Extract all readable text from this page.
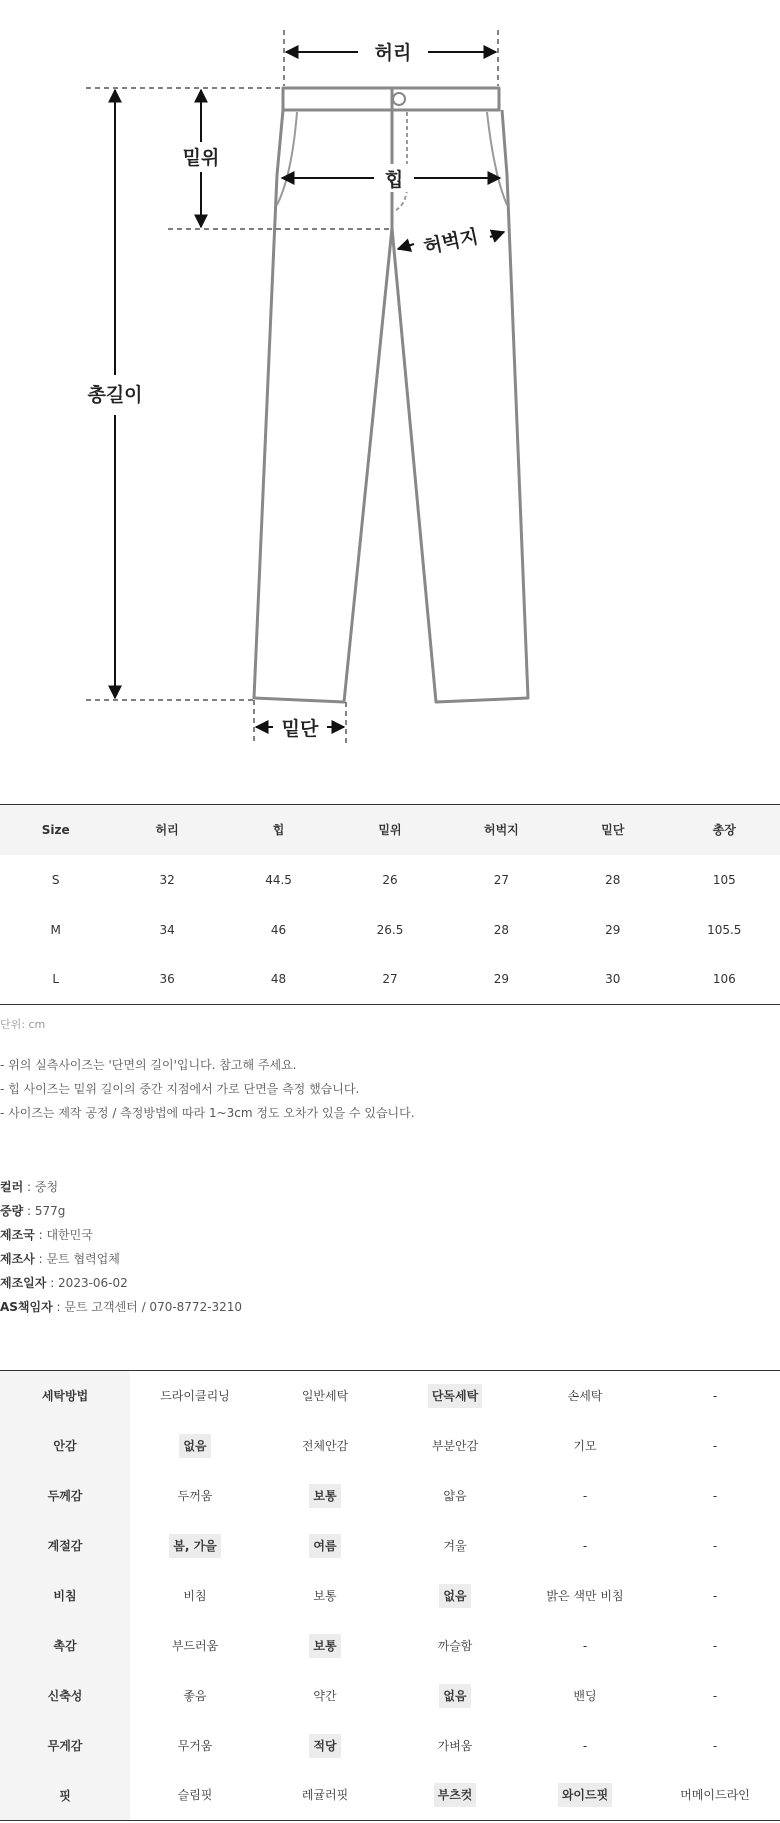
허리
밑위
힙
허벅지
총길이
밑단
Size	허리	힙	밑위	허벅지	밑단	총장
S	32	44.5	26	27	28	105
M	34	46	26.5	28	29	105.5
L	36	48	27	29	30	106
단위: cm
- 위의 실측사이즈는 '단면의 길이'입니다. 참고해 주세요.
- 힙 사이즈는 밑위 길이의 중간 지점에서 가로 단면을 측정 했습니다.
- 사이즈는 제작 공정 / 측정방법에 따라 1~3cm 정도 오차가 있을 수 있습니다.
컬러 : 중청
중량 : 577g
제조국 : 대한민국
제조사 : 문트 협력업체
제조일자 : 2023-06-02
AS책임자 : 문트 고객센터 / 070-8772-3210
세탁방법	드라이클리닝	일반세탁	단독세탁	손세탁	-
안감	없음	전체안감	부분안감	기모	-
두께감	두꺼움	보통	얇음	-	-
계절감	봄, 가을	여름	겨울	-	-
비침	비침	보통	없음	밝은 색만 비침	-
촉감	부드러움	보통	까슬함	-	-
신축성	좋음	약간	없음	밴딩	-
무게감	무거움	적당	가벼움	-	-
핏	슬림핏	레귤러핏	부츠컷	와이드핏	머메이드라인
